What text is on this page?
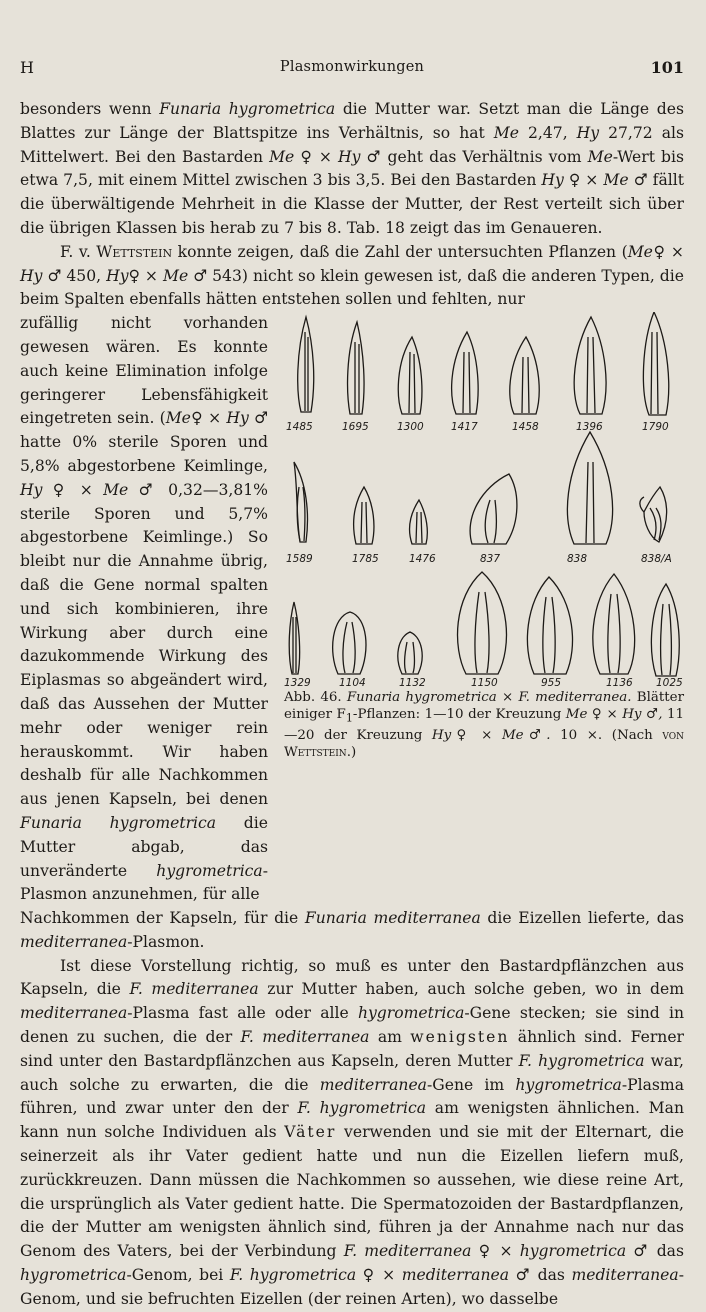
H	Plasmonwirkungen	101

besonders wenn Funaria hygrometrica die Mutter war. Setzt man die Länge des Blattes zur Länge der Blattspitze ins Verhältnis, so hat Me 2,47, Hy 27,72 als Mittelwert. Bei den Bastarden Me ♀ × Hy ♂ geht das Verhältnis vom Me-Wert bis etwa 7,5, mit einem Mittel zwischen 3 bis 3,5. Bei den Bastarden Hy ♀ × Me ♂ fällt die überwältigende Mehrheit in die Klasse der Mutter, der Rest verteilt sich über die übrigen Klassen bis herab zu 7 bis 8. Tab. 18 zeigt das im Genaueren.

F. v. Wettstein konnte zeigen, daß die Zahl der untersuchten Pflanzen (Me♀ × Hy ♂ 450, Hy♀ × Me ♂ 543) nicht so klein gewesen ist, daß die anderen Typen, die beim Spalten ebenfalls hätten entstehen sollen und fehlten, nur

zufällig nicht vorhanden gewesen wären. Es konnte auch keine Elimination infolge geringerer Lebensfähigkeit eingetreten sein. (Me♀ × Hy ♂ hatte 0% sterile Sporen und 5,8% abgestorbene Keimlinge, Hy ♀ × Me ♂ 0,32—3,81% sterile Sporen und 5,7% abgestorbene Keimlinge.) So bleibt nur die Annahme übrig, daß die Gene normal spalten und sich kombinieren, ihre Wirkung aber durch eine dazukommende Wirkung des Eiplasmas so abgeändert wird, daß das Aussehen der Mutter mehr oder weniger rein herauskommt. Wir haben deshalb für alle Nachkommen aus jenen Kapseln, bei denen Funaria hygrometrica die Mutter abgab, das unveränderte hygrometrica-Plasmon anzunehmen, für alle
1485	1695	1300	1417	1458	1396	1790
1589	1785	1476	837	838	838/A
1329	1104	1132	1150	955	1136 1025
Abb. 46. Funaria hygrometrica × F. mediterranea. Blätter einiger $F_1$-Pflanzen: 1—10 der Kreuzung Me ♀ × Hy ♂, 11—20 der Kreuzung Hy♀ × Me♂. 10 ×. (Nach von Wettstein.)

Nachkommen der Kapseln, für die Funaria mediterranea die Eizellen lieferte, das mediterranea-Plasmon.

Ist diese Vorstellung richtig, so muß es unter den Bastardpflänzchen aus Kapseln, die F. mediterranea zur Mutter haben, auch solche geben, wo in dem mediterranea-Plasma fast alle oder alle hygrometrica-Gene stecken; sie sind in denen zu suchen, die der F. mediterranea am wenigsten ähnlich sind. Ferner sind unter den Bastardpflänzchen aus Kapseln, deren Mutter F. hygrometrica war, auch solche zu erwarten, die die mediterranea-Gene im hygrometrica-Plasma führen, und zwar unter den der F. hygrometrica am wenigsten ähnlichen. Man kann nun solche Individuen als Väter verwenden und sie mit der Elternart, die seinerzeit als ihr Vater gedient hatte und nun die Eizellen liefern muß, zurückkreuzen. Dann müssen die Nachkommen so aussehen, wie diese reine Art, die ursprünglich als Vater gedient hatte. Die Spermatozoiden der Bastardpflanzen, die der Mutter am wenigsten ähnlich sind, führen ja der Annahme nach nur das Genom des Vaters, bei der Verbindung F. mediterranea ♀ × hygrometrica ♂ das hygrometrica-Genom, bei F. hygrometrica ♀ × mediterranea ♂ das mediterranea-Genom, und sie befruchten Eizellen (der reinen Arten), wo dasselbe
